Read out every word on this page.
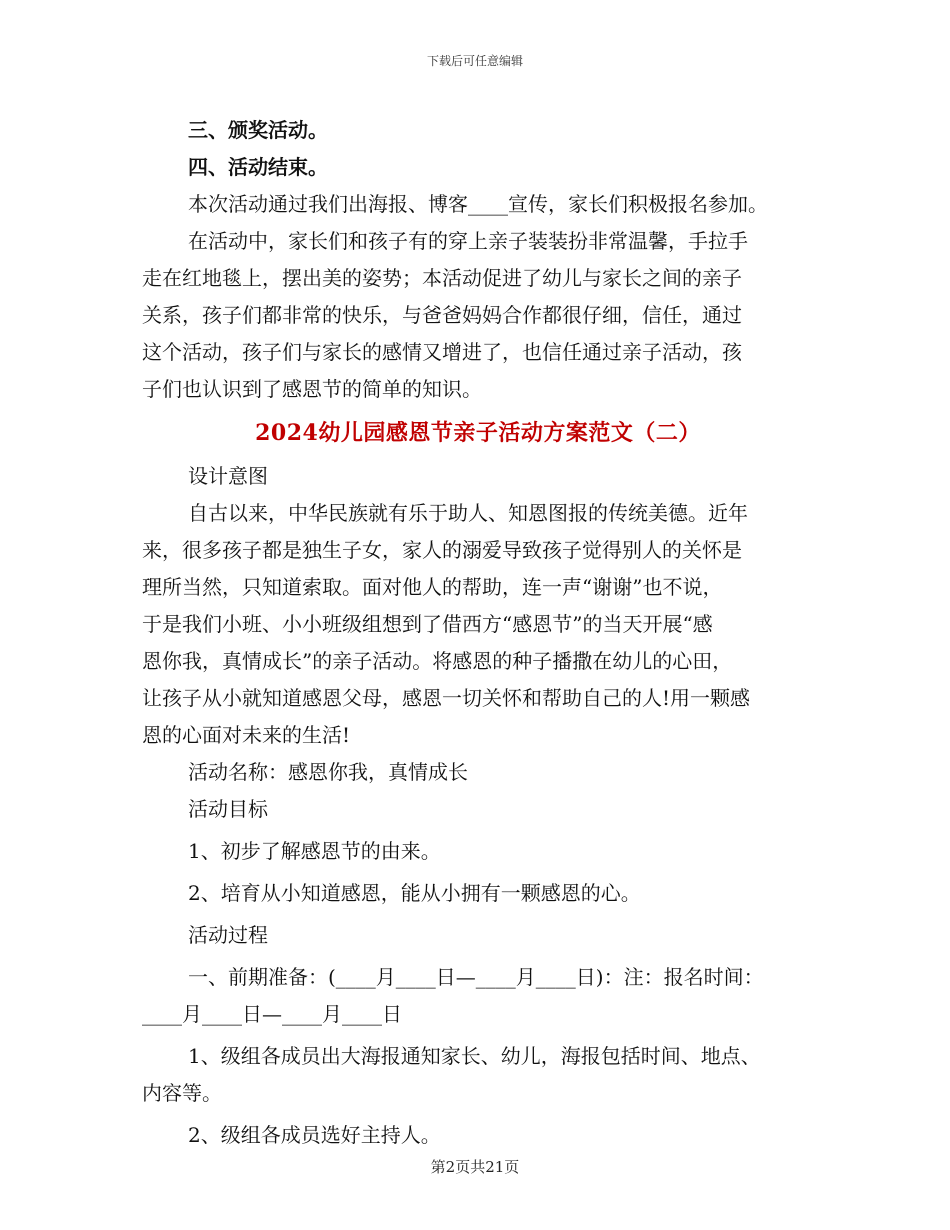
下载后可任意编辑

三、颁奖活动。

四、活动结束。

本次活动通过我们出海报、博客____宣传，家长们积极报名参加。

在活动中，家长们和孩子有的穿上亲子装装扮非常温馨，手拉手

走在红地毯上，摆出美的姿势；本活动促进了幼儿与家长之间的亲子

关系，孩子们都非常的快乐，与爸爸妈妈合作都很仔细，信任，通过

这个活动，孩子们与家长的感情又增进了，也信任通过亲子活动，孩

子们也认识到了感恩节的简单的知识。

2024幼儿园感恩节亲子活动方案范文（二）

设计意图

自古以来，中华民族就有乐于助人、知恩图报的传统美德。近年

来，很多孩子都是独生子女，家人的溺爱导致孩子觉得别人的关怀是

理所当然，只知道索取。面对他人的帮助，连一声“谢谢”也不说，

于是我们小班、小小班级组想到了借西方“感恩节”的当天开展“感

恩你我，真情成长”的亲子活动。将感恩的种子播撒在幼儿的心田，

让孩子从小就知道感恩父母，感恩一切关怀和帮助自己的人!用一颗感

恩的心面对未来的生活!

活动名称：感恩你我，真情成长

活动目标

1、初步了解感恩节的由来。

2、培育从小知道感恩，能从小拥有一颗感恩的心。

活动过程

一、前期准备：(____月____日—____月____日)：注：报名时间：

____月____日—____月____日

1、级组各成员出大海报通知家长、幼儿，海报包括时间、地点、

内容等。

2、级组各成员选好主持人。

第2页共21页
